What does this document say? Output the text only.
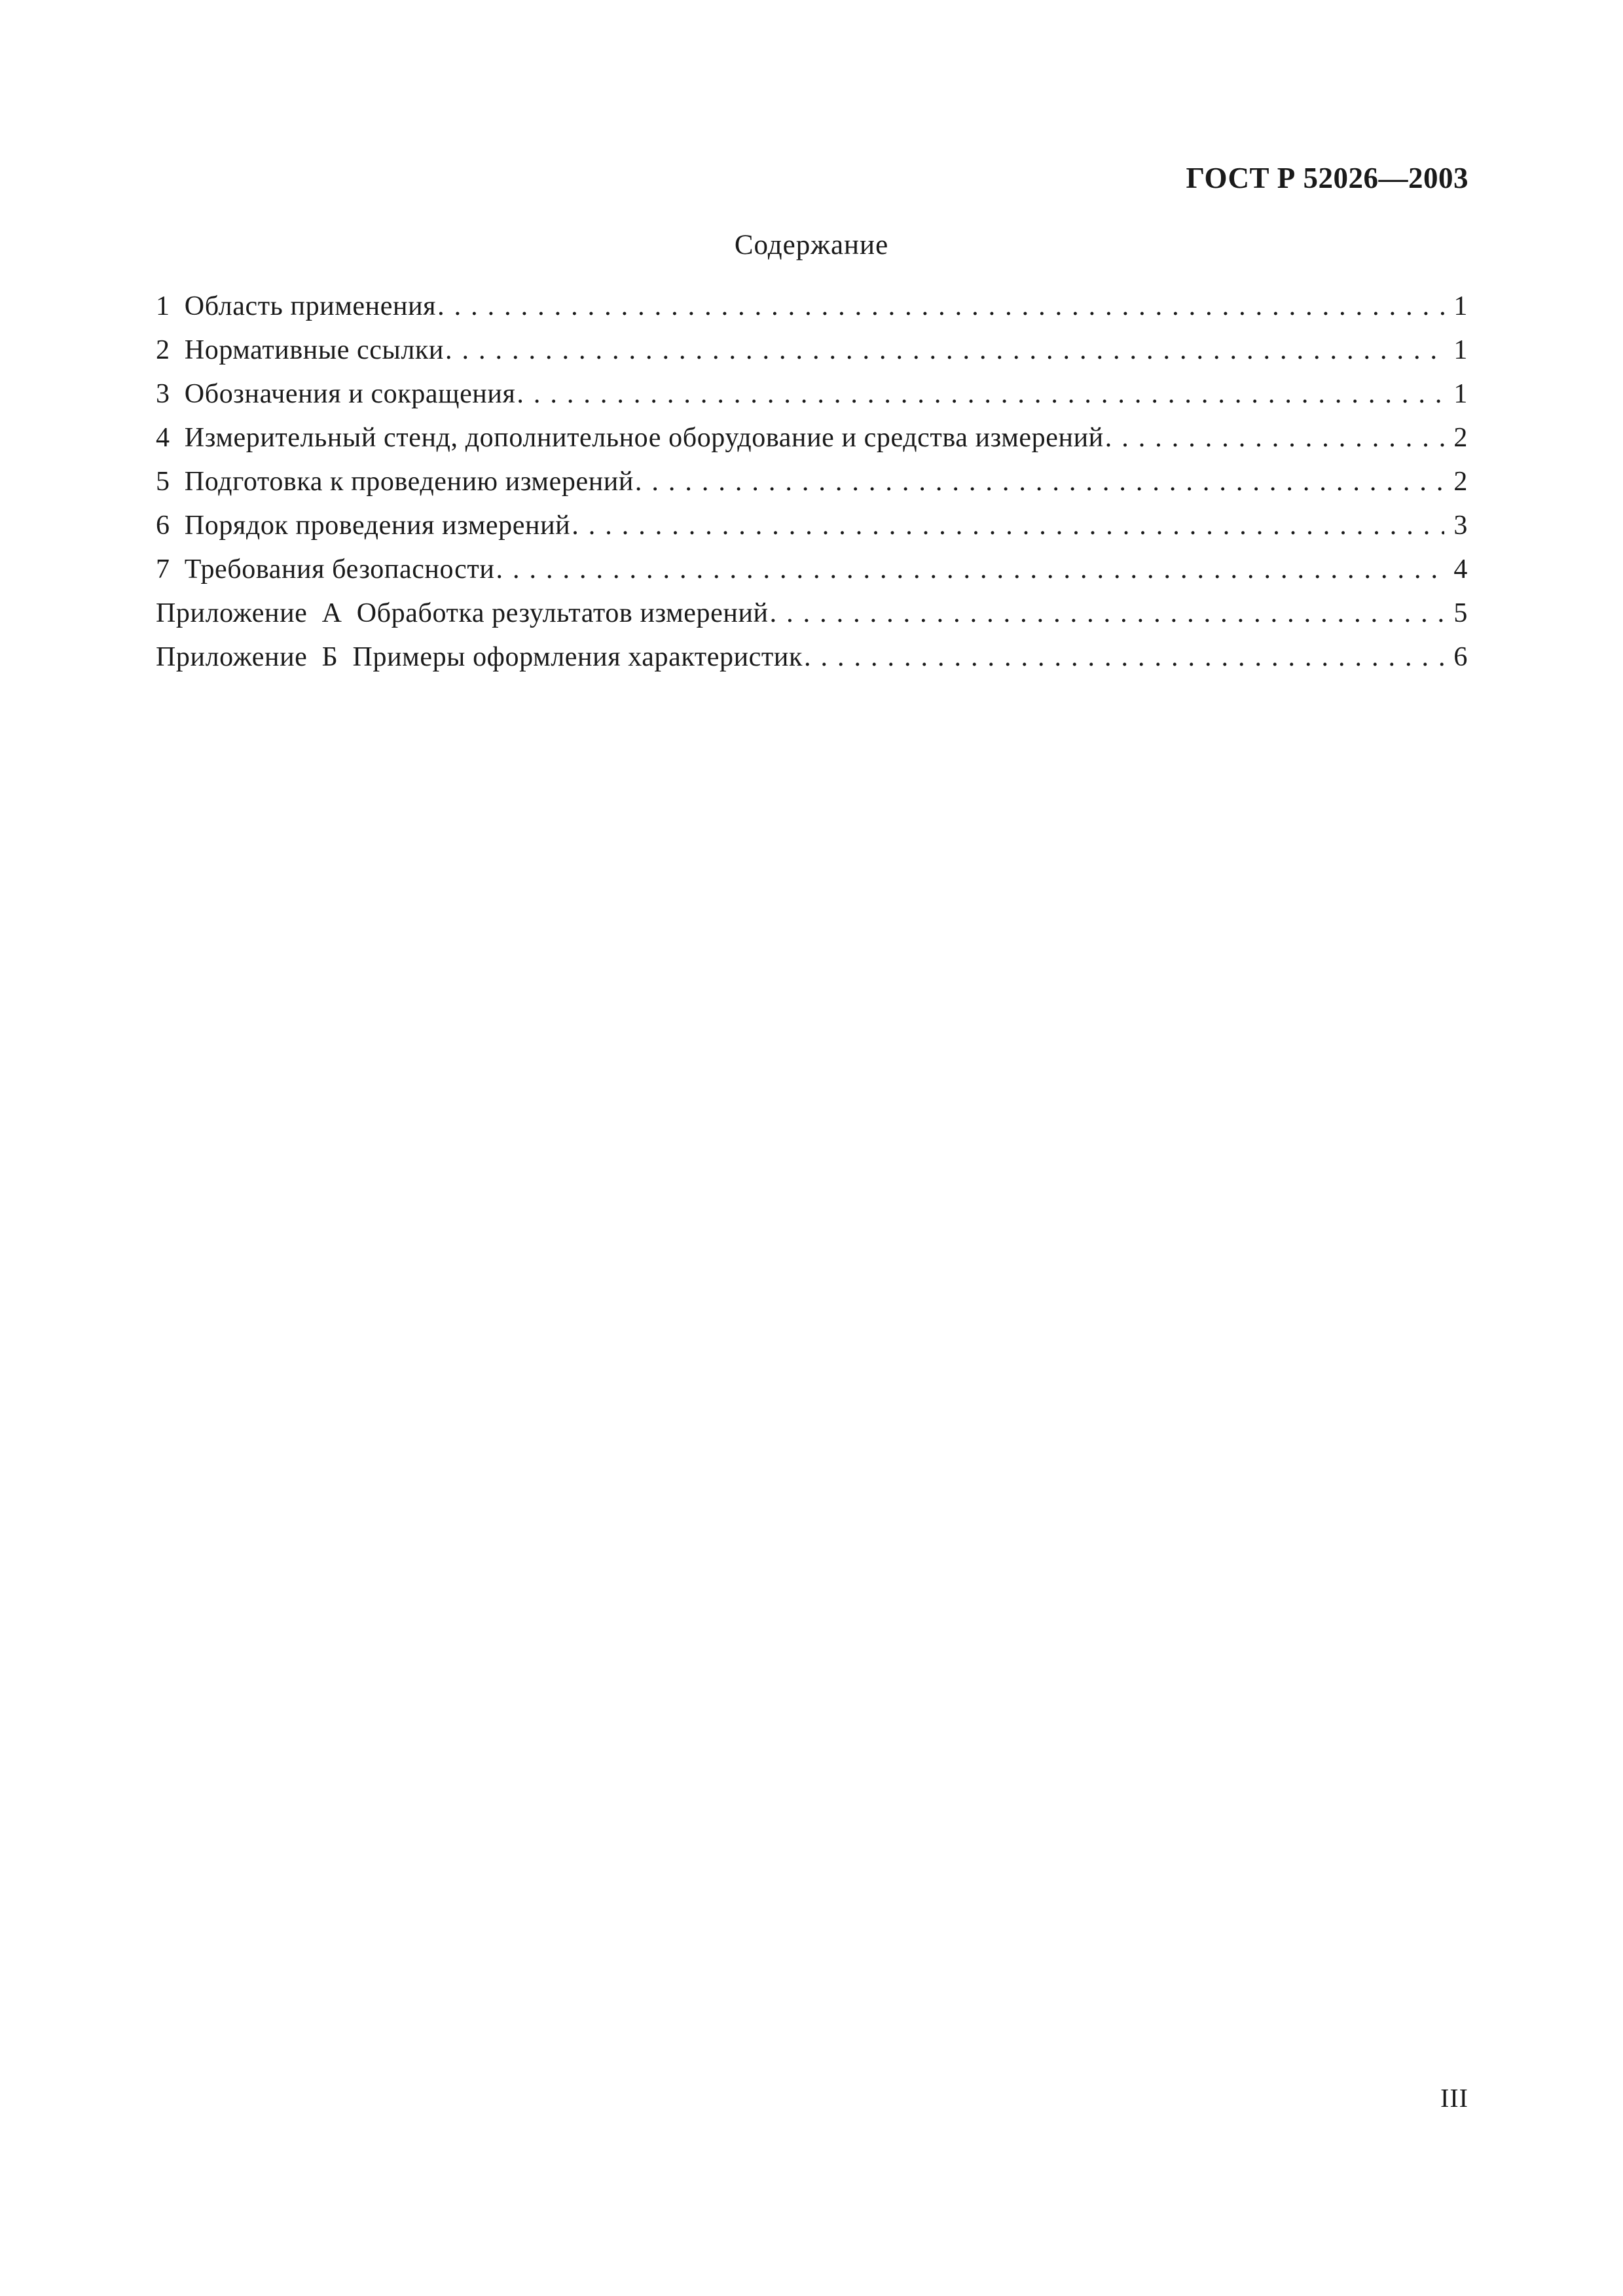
ГОСТ Р 52026—2003
Содержание
1  Область применения .....	1
2  Нормативные ссылки .....	1
3  Обозначения и сокращения .....	1
4  Измерительный стенд, дополнительное оборудование и средства измерений .....	2
5  Подготовка к проведению измерений .....	2
6  Порядок проведения измерений .....	3
7  Требования безопасности .....	4
Приложение  А  Обработка результатов измерений .....	5
Приложение  Б  Примеры оформления характеристик .....	6
III
